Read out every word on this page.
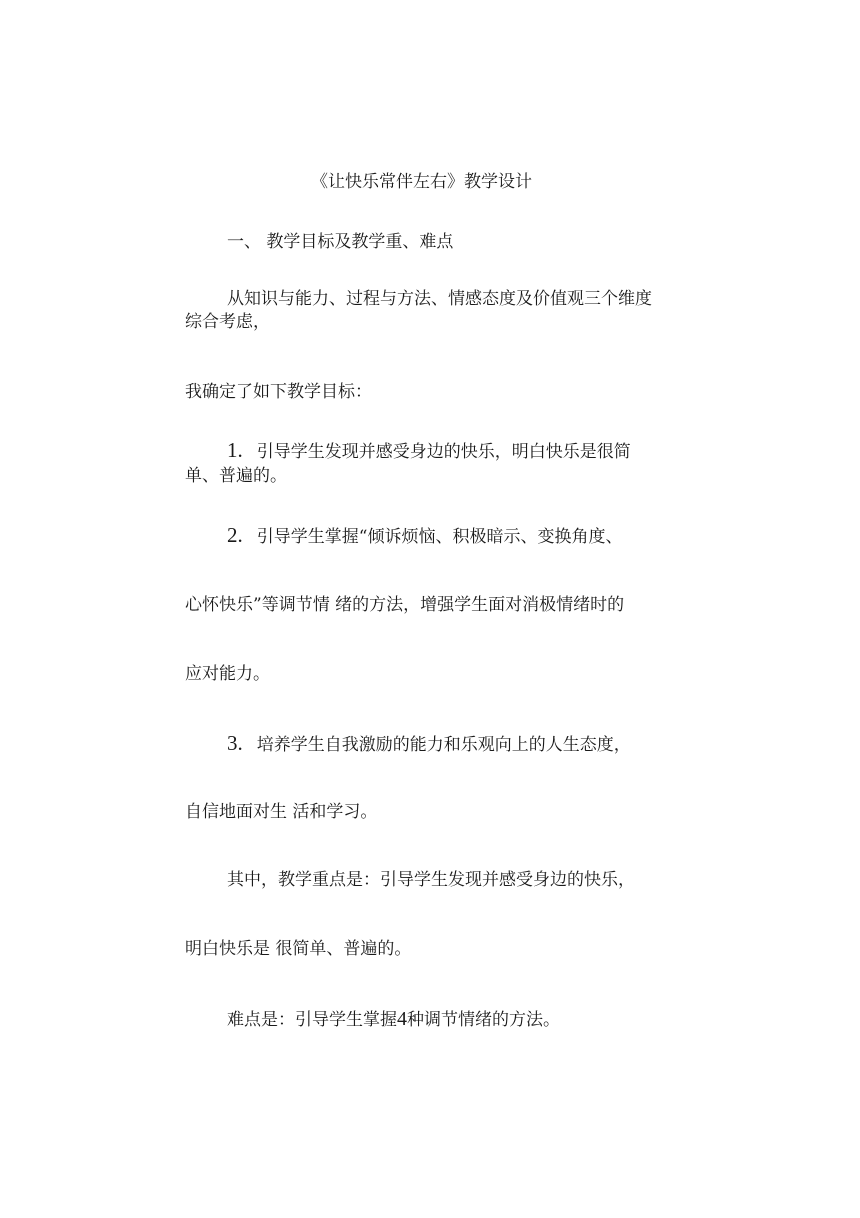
《让快乐常伴左右》教学设计
一、 教学目标及教学重、难点
从知识与能力、过程与方法、情感态度及价值观三个维度
综合考虑，
我确定了如下教学目标：
1. 引导学生发现并感受身边的快乐，明白快乐是很简
单、普遍的。
2. 引导学生掌握“倾诉烦恼、积极暗示、变换角度、
心怀快乐”等调节情 绪的方法，增强学生面对消极情绪时的
应对能力。
3. 培养学生自我激励的能力和乐观向上的人生态度，
自信地面对生 活和学习。
其中，教学重点是：引导学生发现并感受身边的快乐，
明白快乐是 很简单、普遍的。
难点是：引导学生掌握4种调节情绪的方法。
